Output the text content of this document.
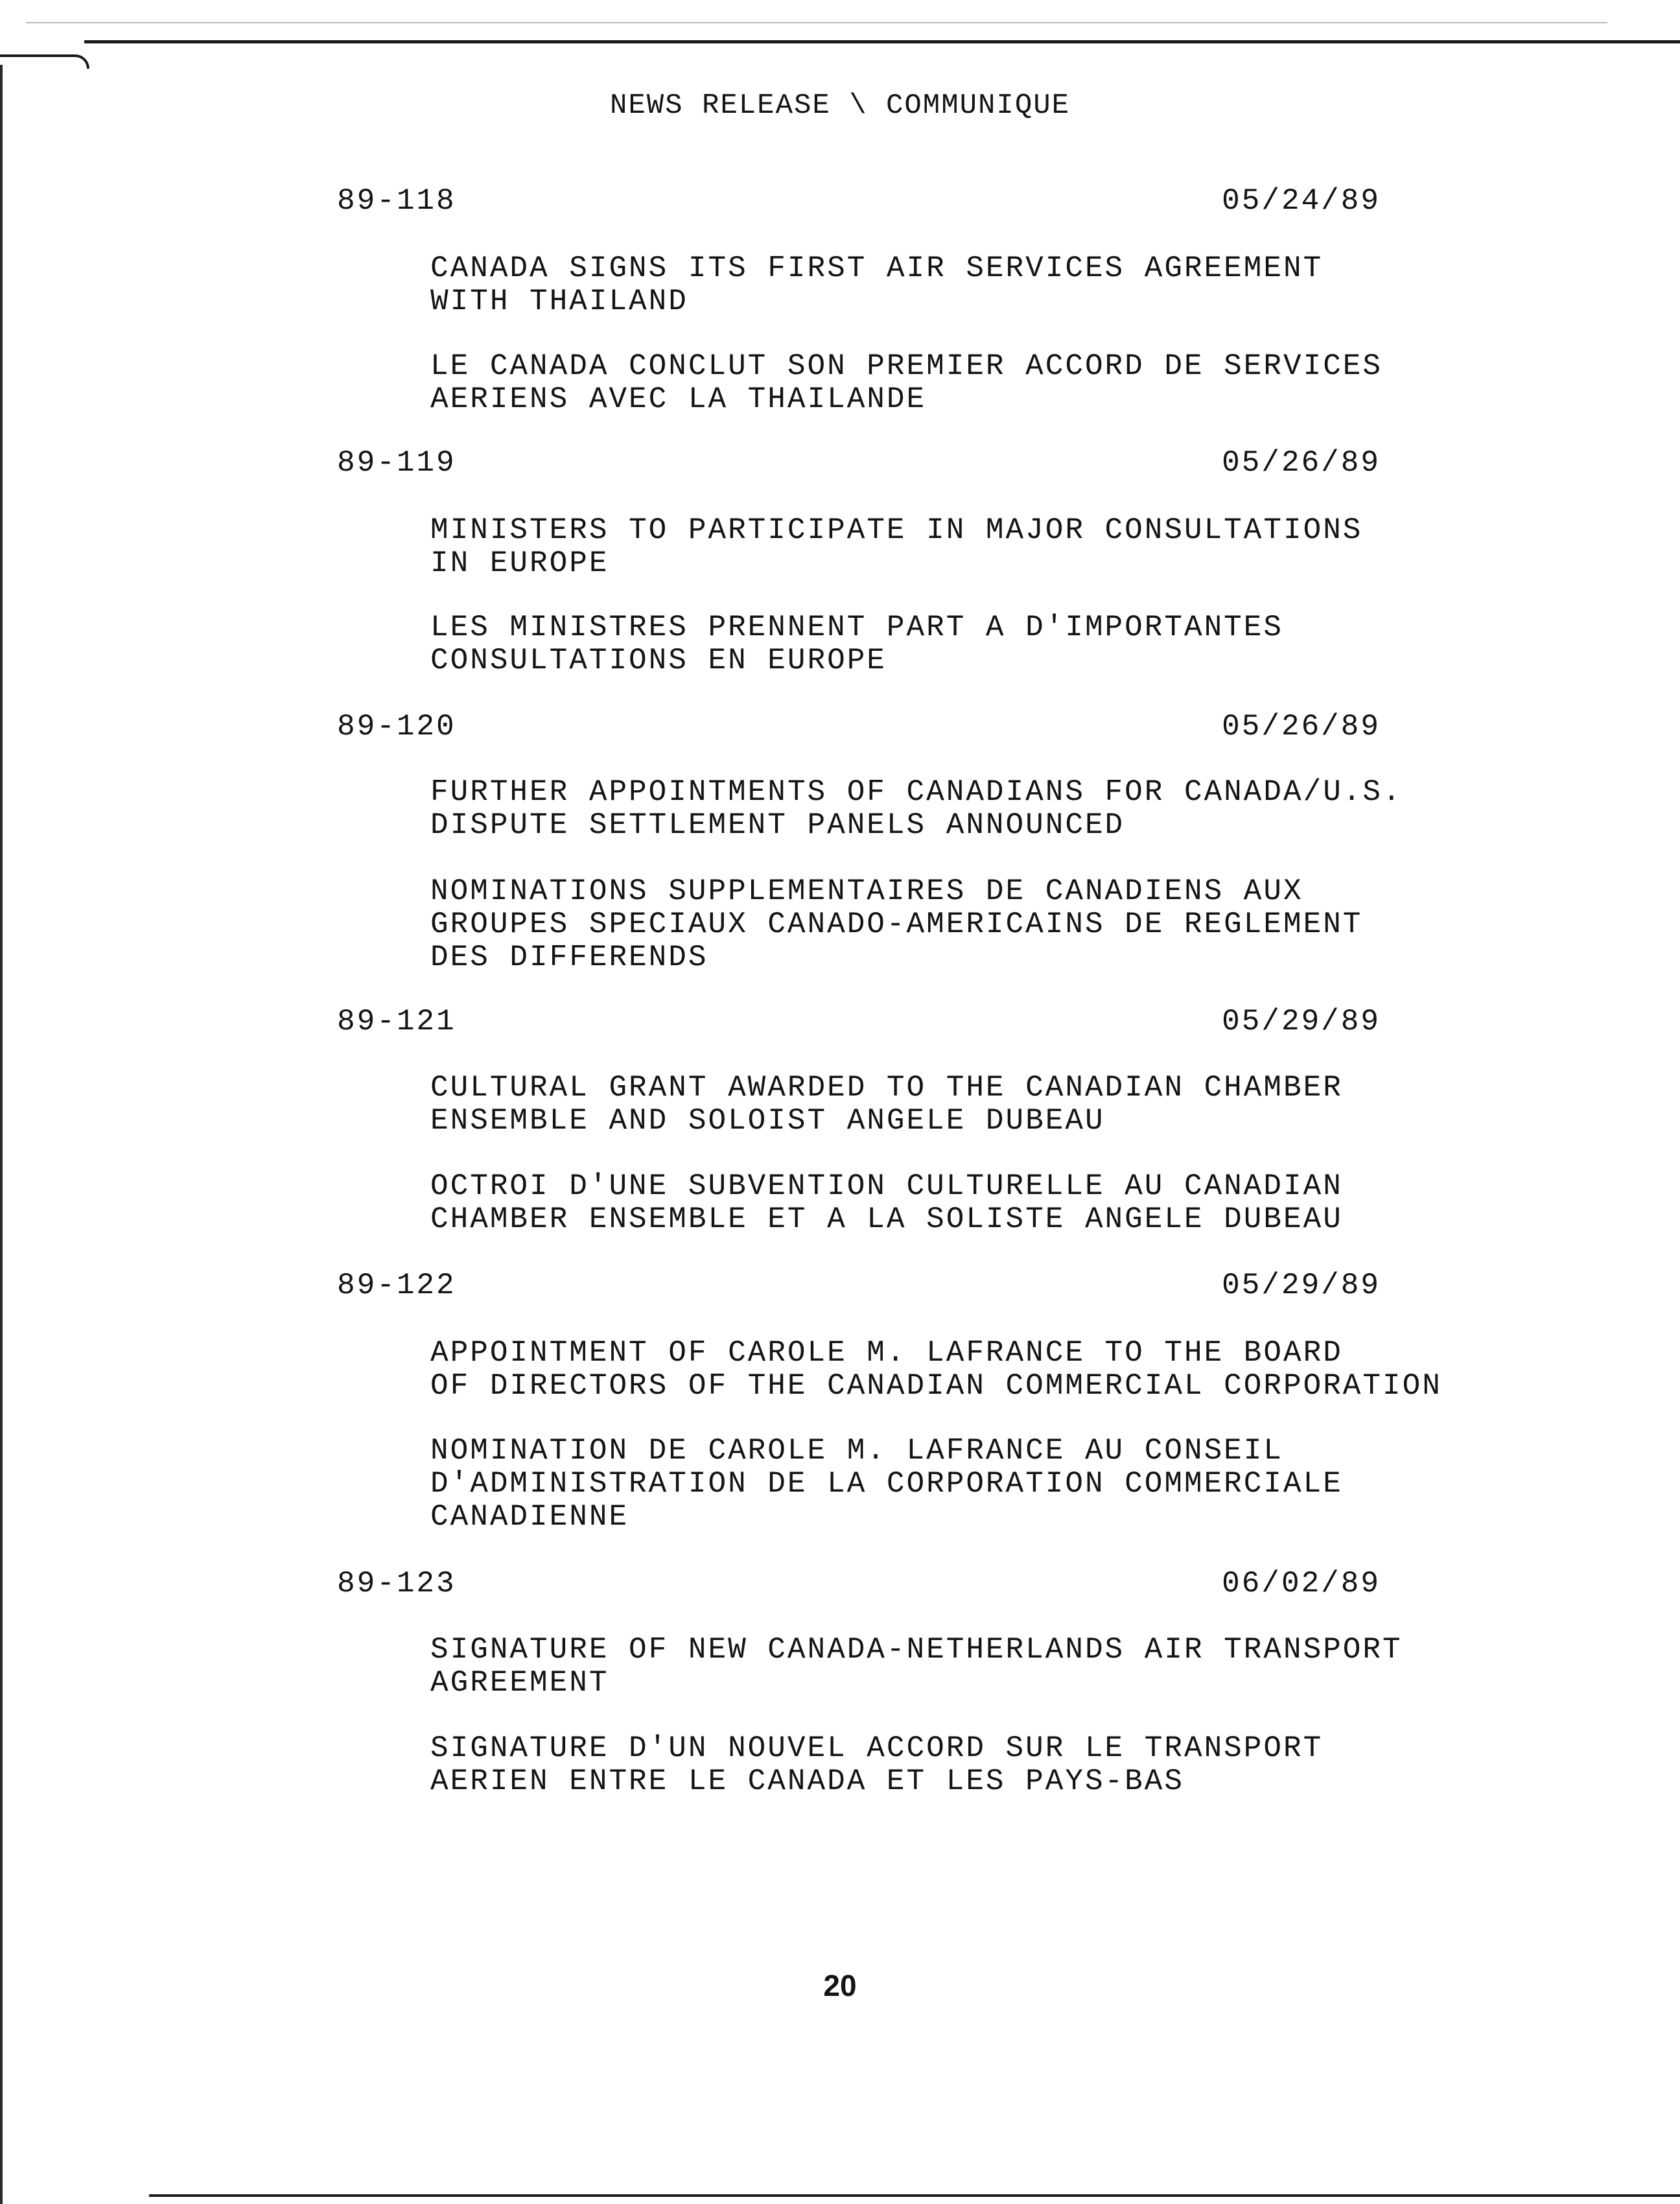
NEWS RELEASE \ COMMUNIQUE
89-118	05/24/89
CANADA SIGNS ITS FIRST AIR SERVICES AGREEMENT
WITH THAILAND
LE CANADA CONCLUT SON PREMIER ACCORD DE SERVICES
AERIENS AVEC LA THAILANDE
89-119	05/26/89
MINISTERS TO PARTICIPATE IN MAJOR CONSULTATIONS
IN EUROPE
LES MINISTRES PRENNENT PART A D'IMPORTANTES
CONSULTATIONS EN EUROPE
89-120	05/26/89
FURTHER APPOINTMENTS OF CANADIANS FOR CANADA/U.S.
DISPUTE SETTLEMENT PANELS ANNOUNCED
NOMINATIONS SUPPLEMENTAIRES DE CANADIENS AUX
GROUPES SPECIAUX CANADO-AMERICAINS DE REGLEMENT
DES DIFFERENDS
89-121	05/29/89
CULTURAL GRANT AWARDED TO THE CANADIAN CHAMBER
ENSEMBLE AND SOLOIST ANGELE DUBEAU
OCTROI D'UNE SUBVENTION CULTURELLE AU CANADIAN
CHAMBER ENSEMBLE ET A LA SOLISTE ANGELE DUBEAU
89-122	05/29/89
APPOINTMENT OF CAROLE M. LAFRANCE TO THE BOARD
OF DIRECTORS OF THE CANADIAN COMMERCIAL CORPORATION
NOMINATION DE CAROLE M. LAFRANCE AU CONSEIL
D'ADMINISTRATION DE LA CORPORATION COMMERCIALE
CANADIENNE
89-123	06/02/89
SIGNATURE OF NEW CANADA-NETHERLANDS AIR TRANSPORT
AGREEMENT
SIGNATURE D'UN NOUVEL ACCORD SUR LE TRANSPORT
AERIEN ENTRE LE CANADA ET LES PAYS-BAS
20
